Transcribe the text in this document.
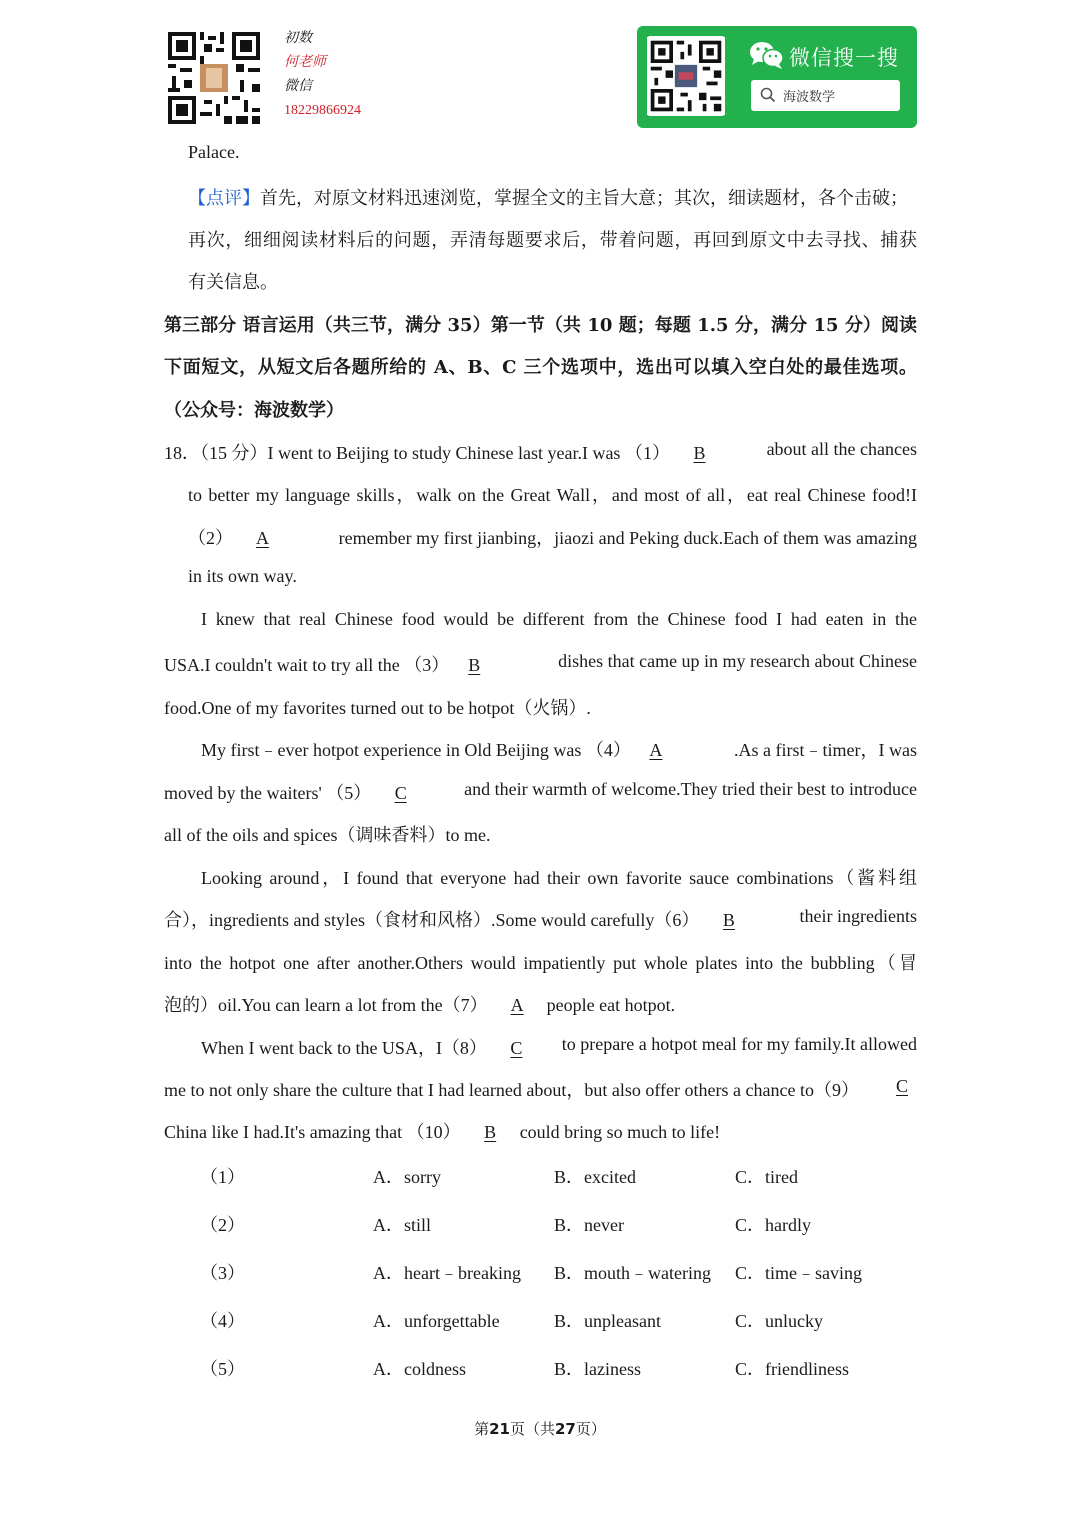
初数
何老师
微信
18229866924
微信搜一搜
海波数学
Palace.
【点评】首先，对原文材料迅速浏览，掌握全文的主旨大意；其次，细读题材，各个击破；
再次，细细阅读材料后的问题，弄清每题要求后，带着问题，再回到原文中去寻找、捕获
有关信息。
第三部分 语言运用（共三节，满分 35）第一节（共 10 题；每题 1.5 分，满分 15 分）阅读
下面短文，从短文后各题所给的 A、B、C 三个选项中，选出可以填入空白处的最佳选项。
（公众号：海波数学）
18．（15 分）I went to Beijing to study Chinese last year.I was （1） B	about all the chances
to better my language skills，walk on the Great Wall，and most of all，eat real Chinese food!I
（2） A	remember my first jianbing，jiaozi and Peking duck.Each of them was amazing
in its own way.
I knew that real Chinese food would be different from the Chinese food I had eaten in the
USA.I couldn't wait to try all the （3） B	dishes that came up in my research about Chinese
food.One of my favorites turned out to be hotpot（火锅）.
My first﹣ever hotpot experience in Old Beijing was （4） A	.As a first﹣timer，I was
moved by the waiters' （5） C	and their warmth of welcome.They tried their best to introduce
all of the oils and spices（调味香料）to me.
Looking around，I found that everyone had their own favorite sauce combinations（酱料组
合），ingredients and styles（食材和风格）.Some would carefully（6） B	their ingredients
into the hotpot one after another.Others would impatiently put whole plates into the bubbling（冒
泡的）oil.You can learn a lot from the（7） A people eat hotpot.
When I went back to the USA，I（8） C to prepare a hotpot meal for my family.It allowed
me to not only share the culture that I had learned about，but also offer others a chance to（9）	C
China like I had.It's amazing that （10） B could bring so much to life!
（1）	A．sorry	B．excited	C．tired
（2）	A．still	B．never	C．hardly
（3）	A．heart﹣breaking B．mouth﹣watering C．time﹣saving
（4）	A．unforgettable	B．unpleasant	C．unlucky
（5）	A．coldness	B．laziness	C．friendliness
第21页（共27页）
